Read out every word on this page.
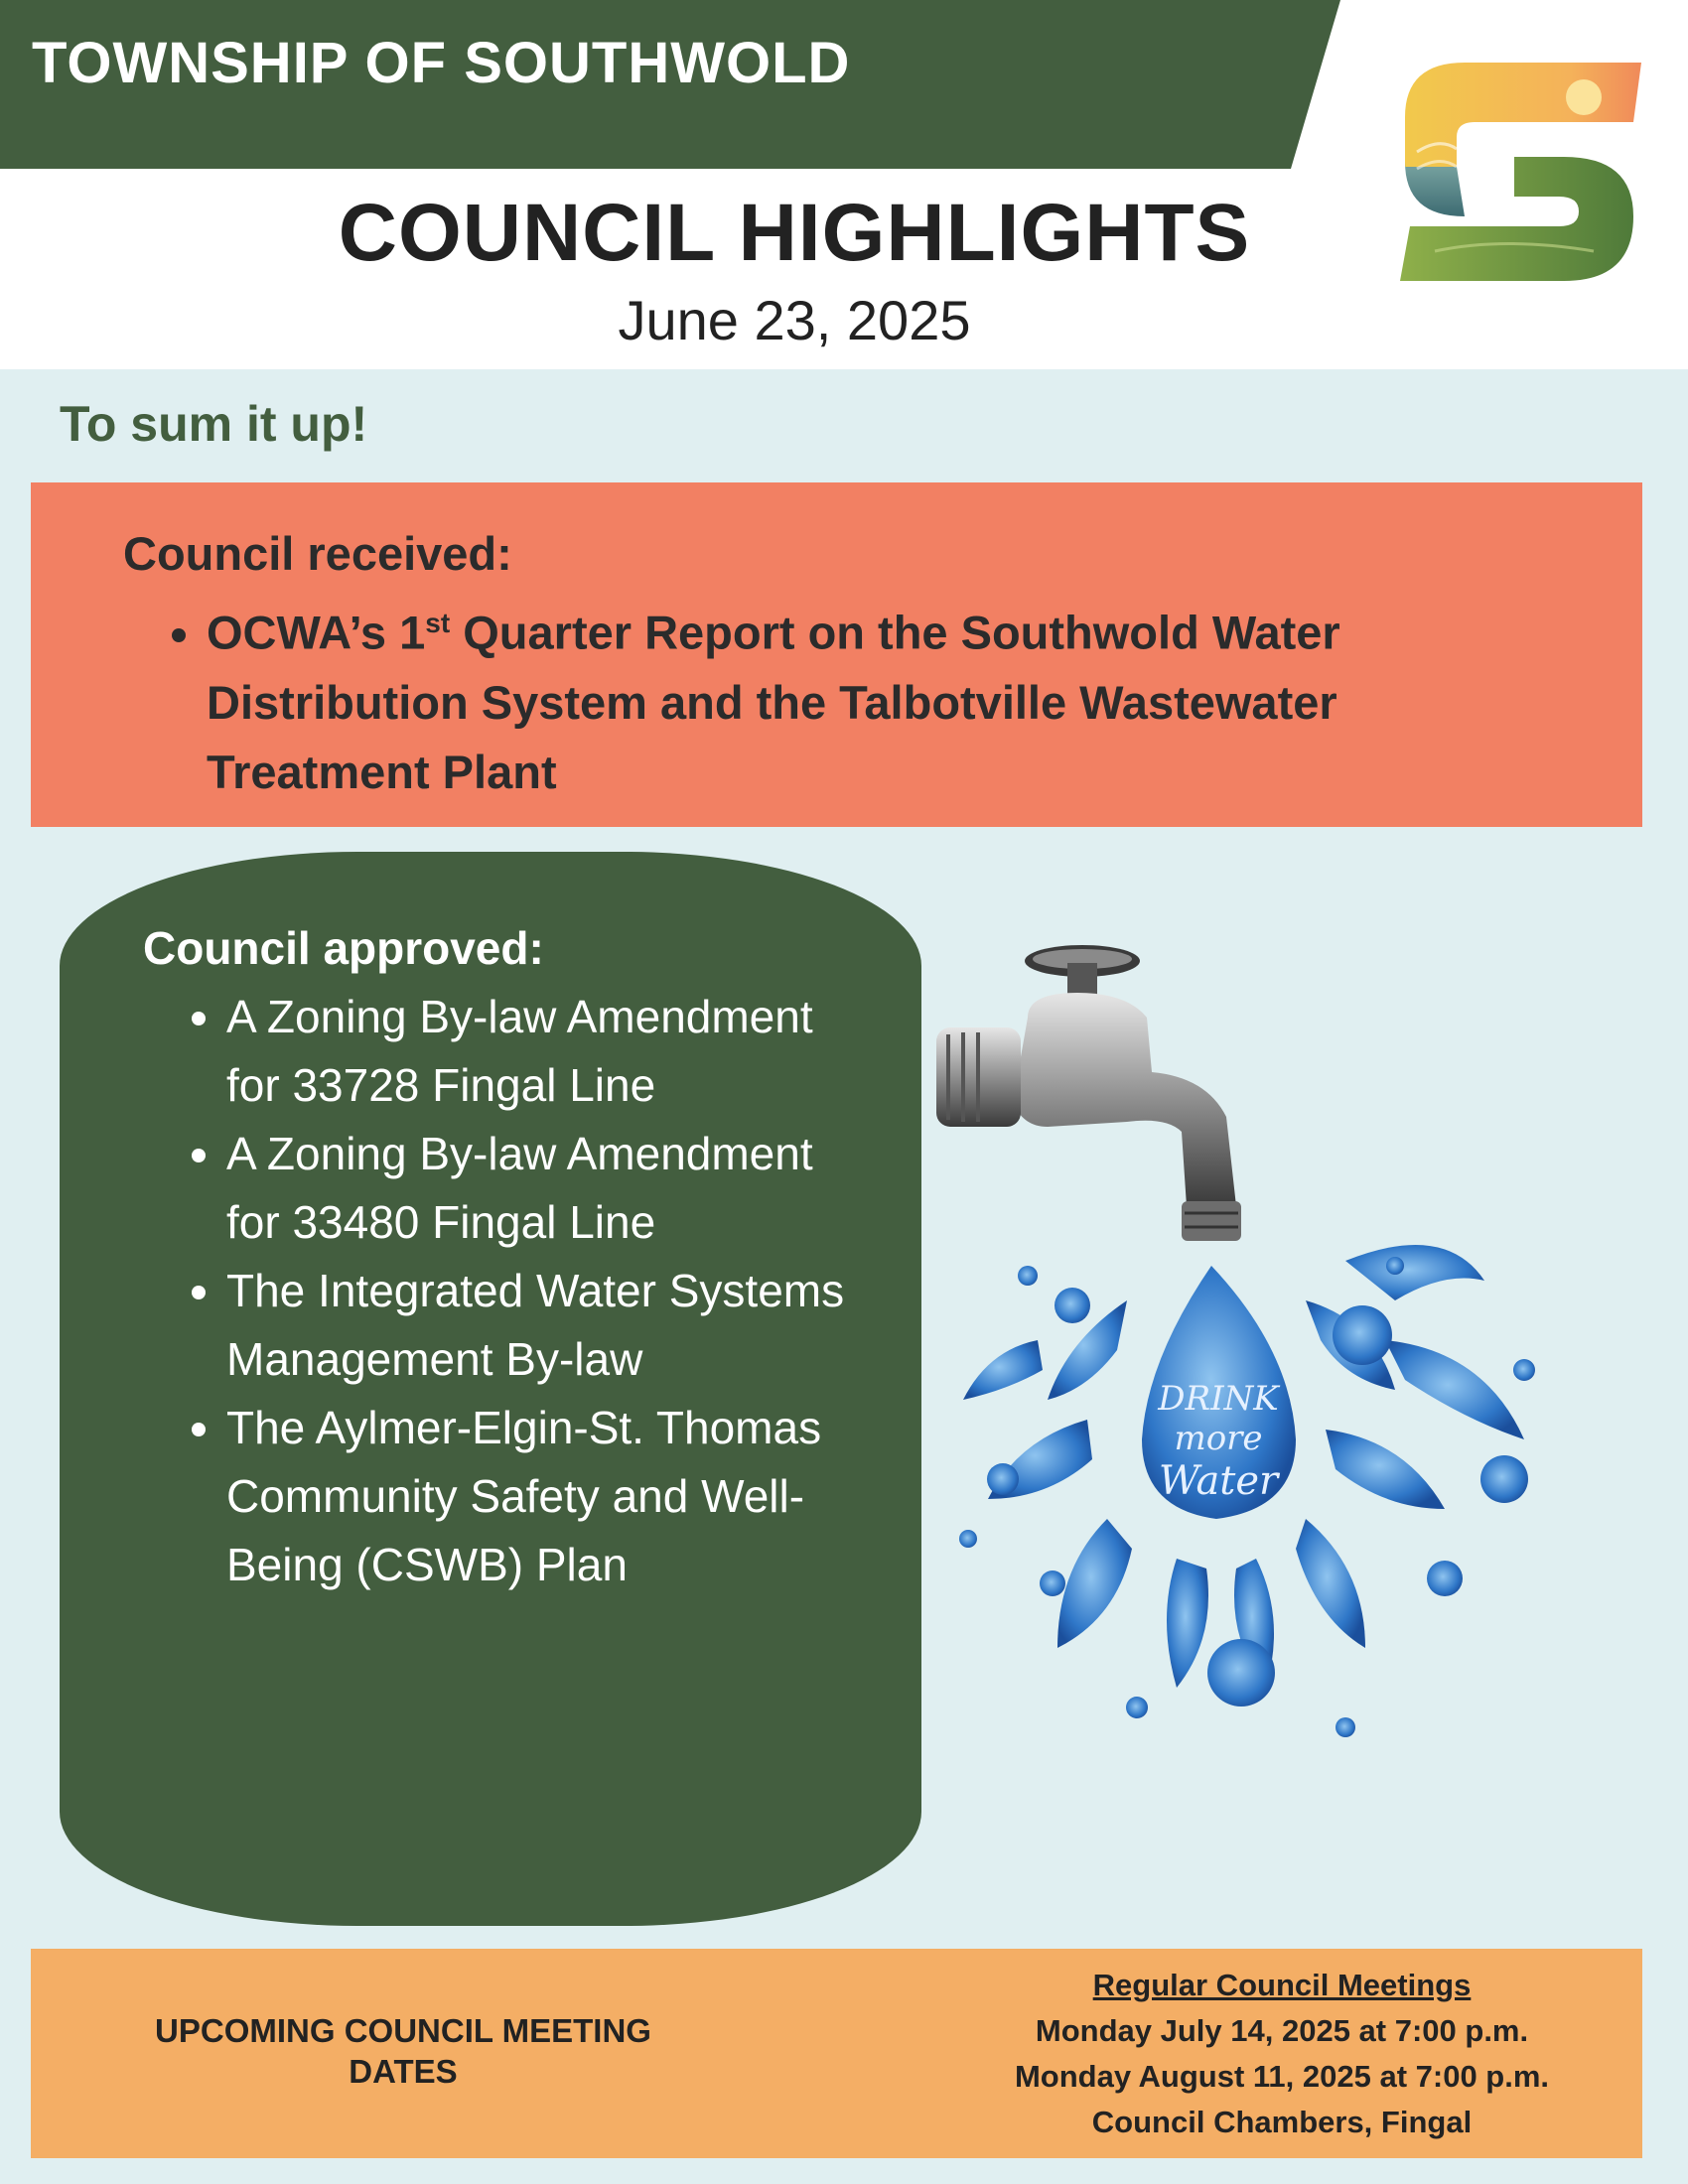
TOWNSHIP OF SOUTHWOLD
COUNCIL HIGHLIGHTS
June 23, 2025
To sum it up!
Council received:
• OCWA’s 1st Quarter Report on the Southwold Water Distribution System and the Talbotville Wastewater Treatment Plant
Council approved:
• A Zoning By-law Amendment for 33728 Fingal Line
• A Zoning By-law Amendment for 33480 Fingal Line
• The Integrated Water Systems Management By-law
• The Aylmer-Elgin-St. Thomas Community Safety and Well-Being (CSWB) Plan
DRINK
more
Water
UPCOMING COUNCIL MEETING
DATES
Regular Council Meetings
Monday July 14, 2025 at 7:00 p.m.
Monday August 11, 2025 at 7:00 p.m.
Council Chambers, Fingal
